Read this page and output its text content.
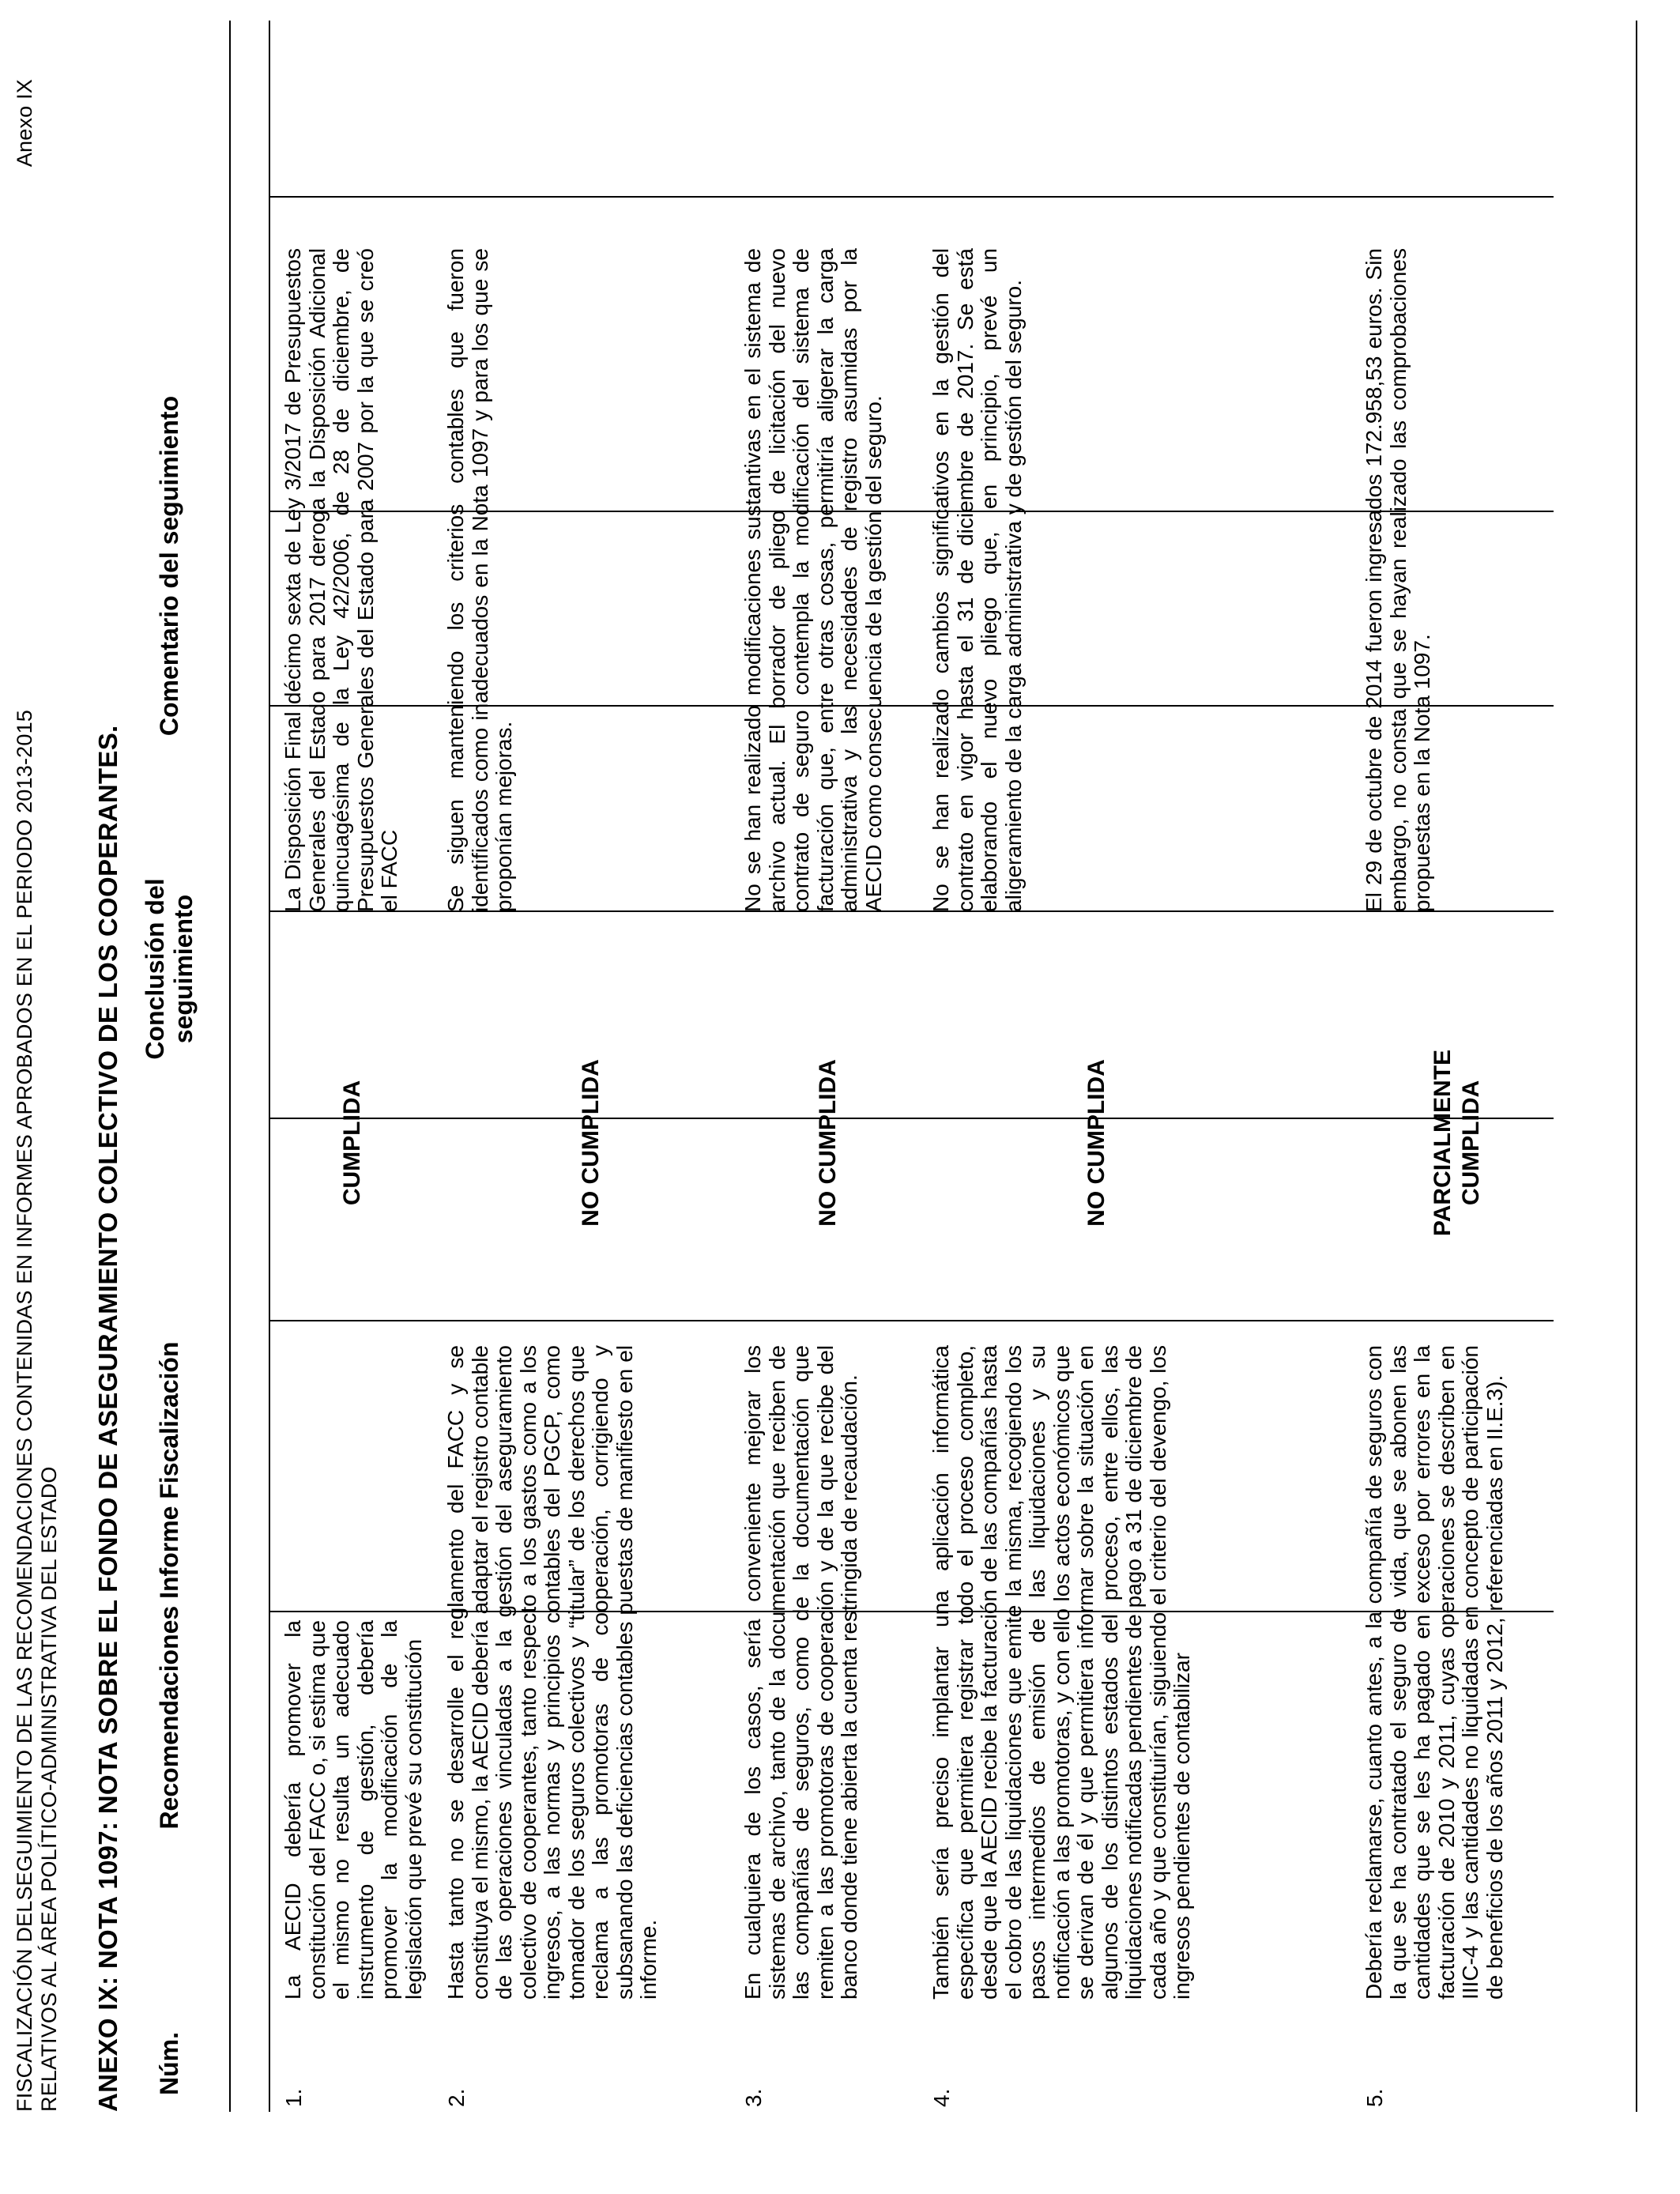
FISCALIZACIÓN DELSEGUIMIENTO DE LAS RECOMENDACIONES CONTENIDAS EN INFORMES APROBADOS EN EL PERIODO 2013-2015 RELATIVOS AL ÁREA POLÍTICO-ADMINISTRATIVA DEL ESTADO
Anexo IX
ANEXO IX: NOTA 1097: NOTA SOBRE EL FONDO DE ASEGURAMIENTO COLECTIVO DE LOS COOPERANTES. Núm.
Recomendaciones Informe Fiscalización
Conclusión del seguimiento
Comentario del seguimiento
1.
La AECID debería promover la constitución del FACC o, si estima que el mismo no resulta un adecuado instrumento de gestión, debería promover la modificación de la legislación que prevé su constitución
CUMPLIDA
La Disposición Final décimo sexta de Ley 3/2017 de Presupuestos Generales del Estado para 2017 deroga la Disposición Adicional quincuagésima de la Ley 42/2006, de 28 de diciembre, de Presupuestos Generales del Estado para 2007 por la que se creó el FACC
2.
Hasta tanto no se desarrolle el reglamento del FACC y se constituya el mismo, la AECID debería adaptar el registro contable de las operaciones vinculadas a la gestión del aseguramiento colectivo de cooperantes, tanto respecto a los gastos como a los ingresos, a las normas y principios contables del PGCP, como tomador de los seguros colectivos y “titular” de los derechos que reclama a las promotoras de cooperación, corrigiendo y subsanando las deficiencias contables puestas de manifiesto en el informe.
NO CUMPLIDA
Se siguen manteniendo los criterios contables que fueron identificados como inadecuados en la Nota 1097 y para los que se proponían mejoras.
3.
En cualquiera de los casos, sería conveniente mejorar los sistemas de archivo, tanto de la documentación que reciben de las compañías de seguros, como de la documentación que remiten a las promotoras de cooperación y de la que recibe del banco donde tiene abierta la cuenta restringida de recaudación.
NO CUMPLIDA
No se han realizado modificaciones sustantivas en el sistema de archivo actual. El borrador de pliego de licitación del nuevo contrato de seguro contempla la modificación del sistema de facturación que, entre otras cosas, permitiría aligerar la carga administrativa y las necesidades de registro asumidas por la AECID como consecuencia de la gestión del seguro.
4.
También sería preciso implantar una aplicación informática específica que permitiera registrar todo el proceso completo, desde que la AECID recibe la facturación de las compañías hasta el cobro de las liquidaciones que emite la misma, recogiendo los pasos intermedios de emisión de las liquidaciones y su notificación a las promotoras, y con ello los actos económicos que se derivan de él y que permitiera informar sobre la situación en algunos de los distintos estados del proceso, entre ellos, las liquidaciones notificadas pendientes de pago a 31 de diciembre de cada año y que constituirían, siguiendo el criterio del devengo, los ingresos pendientes de contabilizar
NO CUMPLIDA
No se han realizado cambios significativos en la gestión del contrato en vigor hasta el 31 de diciembre de 2017. Se está elaborando el nuevo pliego que, en principio, prevé un aligeramiento de la carga administrativa y de gestión del seguro.
5.
Debería reclamarse, cuanto antes, a la compañía de seguros con la que se ha contratado el seguro de vida, que se abonen las cantidades que se les ha pagado en exceso por errores en la facturación de 2010 y 2011, cuyas operaciones se describen en IIIC-4 y las cantidades no liquidadas en concepto de participación de beneficios de los años 2011 y 2012, referenciadas en II.E.3).
PARCIALMENTE CUMPLIDA
El 29 de octubre de 2014 fueron ingresados 172.958,53 euros. Sin embargo, no consta que se hayan realizado las comprobaciones propuestas en la Nota 1097.
